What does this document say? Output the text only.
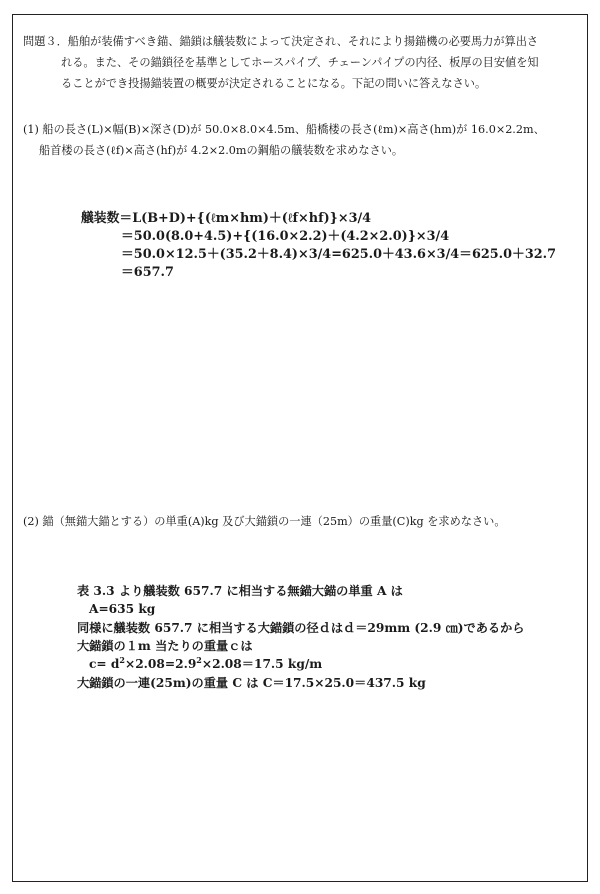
問題３．船舶が装備すべき錨、錨鎖は艤装数によって決定され、それにより揚錨機の必要馬力が算出さ
れる。また、その錨鎖径を基準としてホースパイプ、チェーンパイプの内径、板厚の目安値を知
ることができ投揚錨装置の概要が決定されることになる。下記の問いに答えなさい。
(1) 船の長さ(L)×幅(B)×深さ(D)が 50.0×8.0×4.5m、船橋楼の長さ(ℓm)×高さ(hm)が 16.0×2.2m、
船首楼の長さ(ℓf)×高さ(hf)が 4.2×2.0mの鋼船の艤装数を求めなさい。
艤装数＝L(B+D)+{(ℓm×hm)＋(ℓf×hf)}×3/4
＝50.0(8.0+4.5)+{(16.0×2.2)＋(4.2×2.0)}×3/4
＝50.0×12.5＋(35.2＋8.4)×3/4=625.0＋43.6×3/4＝625.0＋32.7
＝657.7
(2) 錨（無錨大錨とする）の単重(A)kg 及び大錨鎖の一連（25m）の重量(C)kg を求めなさい。
表 3.3 より艤装数 657.7 に相当する無錨大錨の単重 A は
A=635 kg
同様に艤装数 657.7 に相当する大錨鎖の径ｄはｄ＝29mm (2.9 ㎝)であるから
大錨鎖の１m 当たりの重量ｃは
$c= d^2\times 2.08=2.9^2\times 2.08=17.5$ kg/m
大錨鎖の一連(25m)の重量 C は C＝17.5×25.0＝437.5 kg
